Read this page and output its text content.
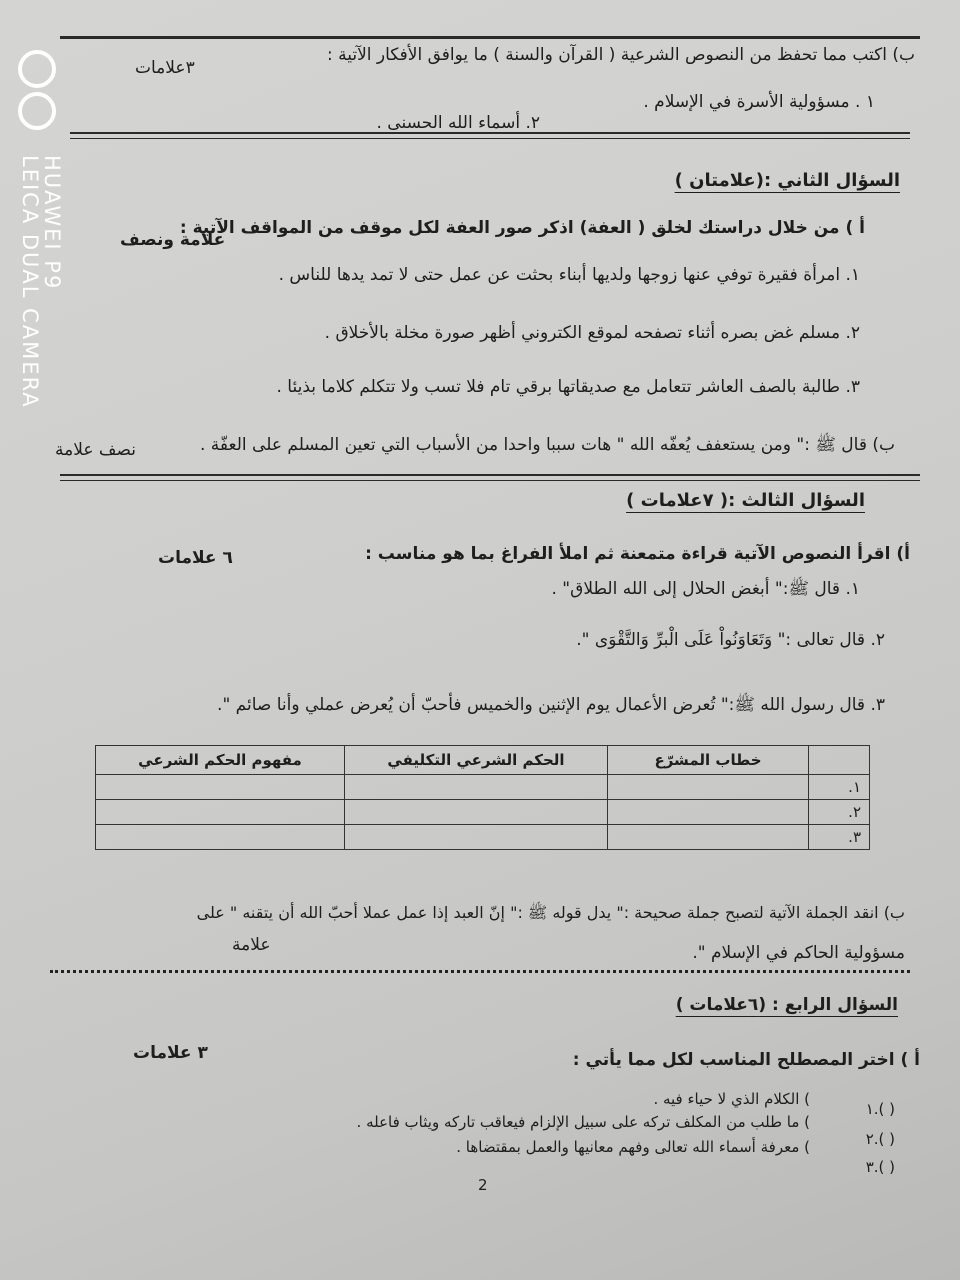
HUAWEI P9
LEICA DUAL CAMERA
ب) اكتب مما تحفظ من النصوص الشرعية ( القرآن والسنة ) ما يوافق الأفكار الآتية :
٣علامات
١ . مسؤولية الأسرة في الإسلام .
٢. أسماء الله الحسنى .
السؤال الثاني :(علامتان )
أ ) من خلال دراستك لخلق ( العفة) اذكر صور العفة لكل موقف من المواقف الآتية :
علامة ونصف
١. امرأة فقيرة توفي عنها زوجها ولديها أبناء بحثت عن عمل حتى لا تمد يدها للناس .
٢. مسلم غض بصره أثناء تصفحه لموقع الكتروني أظهر صورة مخلة بالأخلاق .
٣. طالبة بالصف العاشر تتعامل مع صديقاتها برقي تام فلا تسب ولا تتكلم كلاما بذيئا .
ب) قال ﷺ :" ومن يستعفف يُعفّه الله " هات سببا واحدا من الأسباب التي تعين المسلم على العفّة .
نصف علامة
السؤال الثالث :( ٧علامات )
أ) اقرأ النصوص الآتية قراءة متمعنة ثم املأ الفراغ بما هو مناسب :
٦ علامات
١. قال ﷺ:" أبغض الحلال إلى الله الطلاق" .
٢. قال تعالى :" وَتَعَاوَنُواْ عَلَى الْبرِّ وَالتَّقْوَى ".
٣. قال رسول الله ﷺ:" تُعرض الأعمال يوم الإثنين والخميس فأحبّ أن يُعرض عملي وأنا صائم ".
	خطاب المشرّع	الحكم الشرعي التكليفي	مفهوم الحكم الشرعي
١.			
٢.			
٣.			
ب) انقد الجملة الآتية لتصبح جملة صحيحة :" يدل قوله ﷺ :" إنّ العبد إذا عمل عملا أحبّ الله أن يتقنه " على
مسؤولية الحاكم في الإسلام ".
علامة
السؤال الرابع : (٦علامات )
أ ) اختر المصطلح المناسب لكل مما يأتي :
٣ علامات
( ).١
) الكلام الذي لا حياء فيه .
( ).٢
) ما طلب من المكلف تركه على سبيل الإلزام فيعاقب تاركه ويثاب فاعله .
( ).٣
) معرفة أسماء الله تعالى وفهم معانيها والعمل بمقتضاها .
2
